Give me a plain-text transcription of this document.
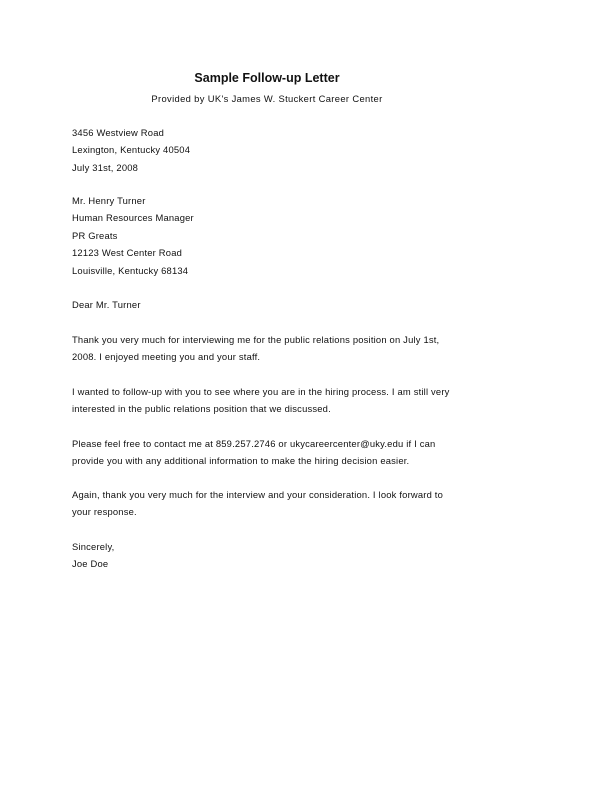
Sample Follow-up Letter
Provided by UK's James W. Stuckert Career Center
3456 Westview Road
Lexington, Kentucky 40504
July 31st, 2008
Mr. Henry Turner
Human Resources Manager
PR Greats
12123 West Center Road
Louisville, Kentucky 68134
Dear Mr. Turner
Thank you very much for interviewing me for the public relations position on July 1st,
2008. I enjoyed meeting you and your staff.
I wanted to follow-up with you to see where you are in the hiring process. I am still very
interested in the public relations position that we discussed.
Please feel free to contact me at 859.257.2746 or ukycareercenter@uky.edu if I can
provide you with any additional information to make the hiring decision easier.
Again, thank you very much for the interview and your consideration. I look forward to
your response.
Sincerely,
Joe Doe
